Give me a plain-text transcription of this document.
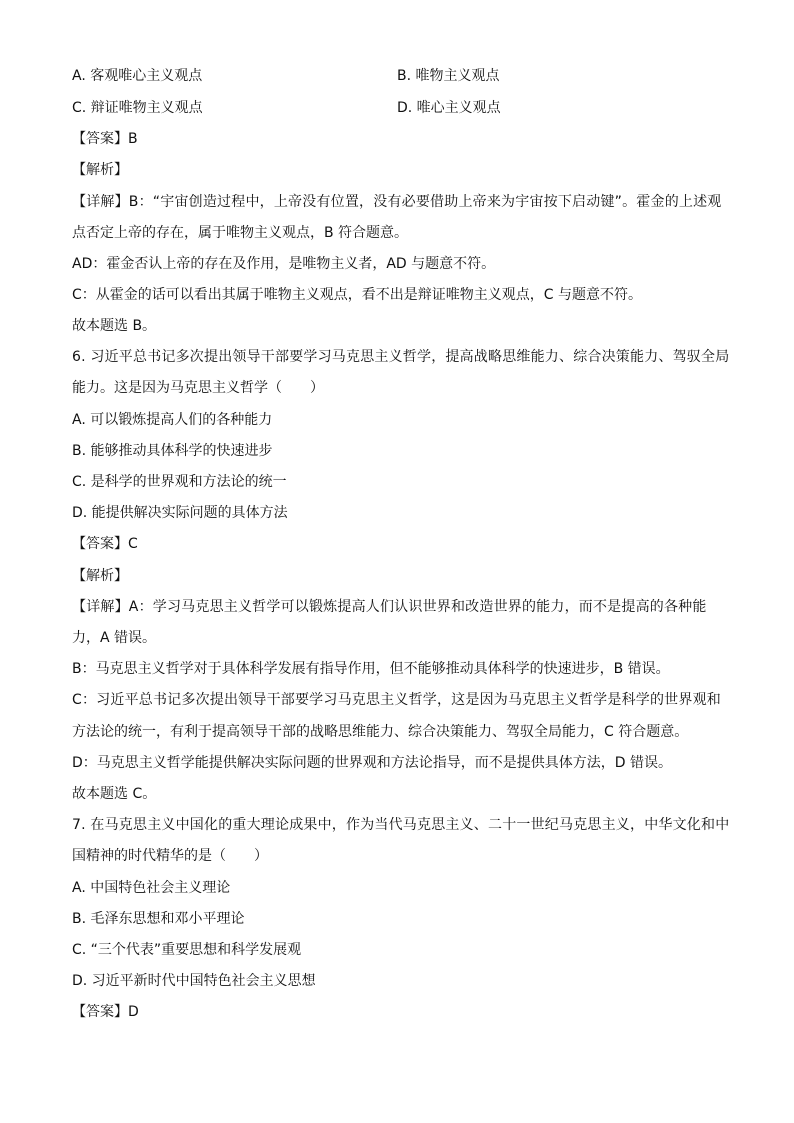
A. 客观唯心主义观点	B. 唯物主义观点
C. 辩证唯物主义观点	D. 唯心主义观点
【答案】B
【解析】
【详解】B：“宇宙创造过程中，上帝没有位置，没有必要借助上帝来为宇宙按下启动键”。霍金的上述观
点否定上帝的存在，属于唯物主义观点，B 符合题意。
AD：霍金否认上帝的存在及作用，是唯物主义者，AD 与题意不符。
C：从霍金的话可以看出其属于唯物主义观点，看不出是辩证唯物主义观点，C 与题意不符。
故本题选 B。
6. 习近平总书记多次提出领导干部要学习马克思主义哲学，提高战略思维能力、综合决策能力、驾驭全局
能力。这是因为马克思主义哲学（　　）
A. 可以锻炼提高人们的各种能力
B. 能够推动具体科学的快速进步
C. 是科学的世界观和方法论的统一
D. 能提供解决实际问题的具体方法
【答案】C
【解析】
【详解】A：学习马克思主义哲学可以锻炼提高人们认识世界和改造世界的能力，而不是提高的各种能
力，A 错误。
B：马克思主义哲学对于具体科学发展有指导作用，但不能够推动具体科学的快速进步，B 错误。
C：习近平总书记多次提出领导干部要学习马克思主义哲学，这是因为马克思主义哲学是科学的世界观和
方法论的统一，有利于提高领导干部的战略思维能力、综合决策能力、驾驭全局能力，C 符合题意。
D：马克思主义哲学能提供解决实际问题的世界观和方法论指导，而不是提供具体方法，D 错误。
故本题选 C。
7. 在马克思主义中国化的重大理论成果中，作为当代马克思主义、二十一世纪马克思主义，中华文化和中
国精神的时代精华的是（　　）
A. 中国特色社会主义理论
B. 毛泽东思想和邓小平理论
C. “三个代表”重要思想和科学发展观
D. 习近平新时代中国特色社会主义思想
【答案】D
